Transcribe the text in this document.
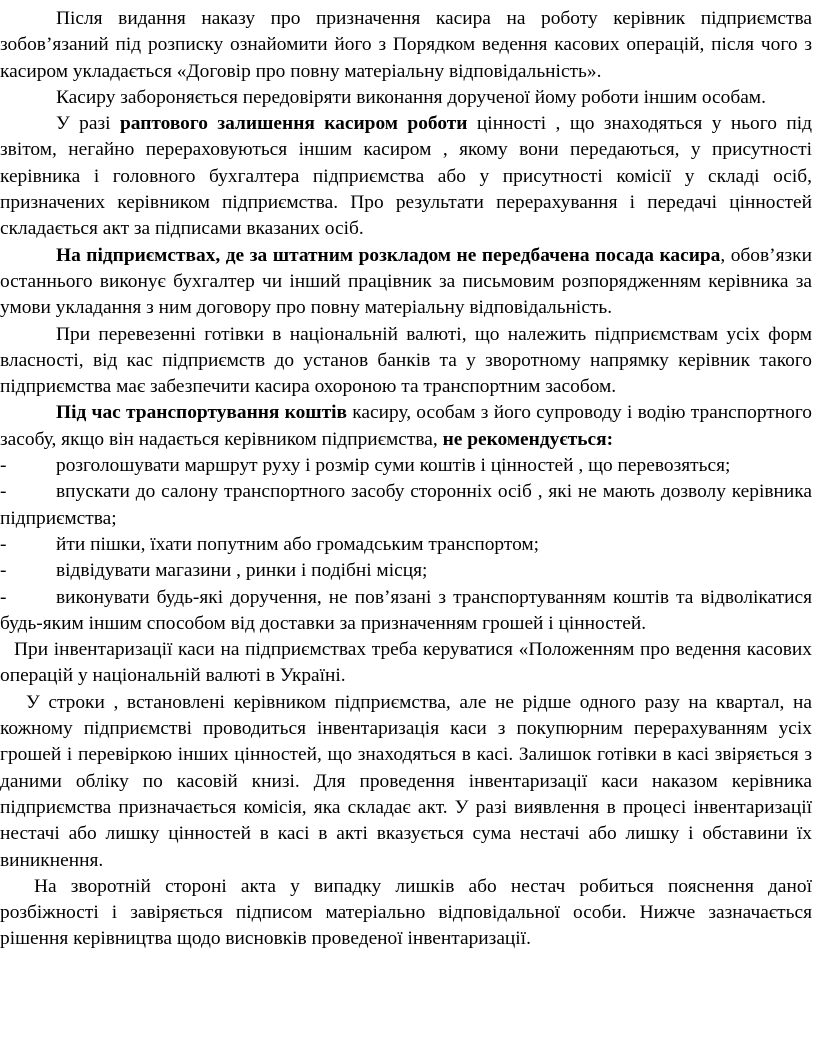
Після видання наказу про призначення касира на роботу керівник підприємства зобов’язаний під розписку ознайомити його з Порядком ведення касових операцій, після чого з касиром укладається «Договір про повну матеріальну відповідальність».

Касиру забороняється передовіряти виконання дорученої йому роботи іншим особам.

У разі раптового залишення касиром роботи цінності , що знаходяться у нього під звітом, негайно перераховуються іншим касиром , якому вони передаються, у присутності керівника і головного бухгалтера підприємства або у присутності комісії у складі осіб, призначених керівником підприємства. Про результати перерахування і передачі цінностей складається акт за підписами вказаних осіб.

На підприємствах, де за штатним розкладом не передбачена посада касира, обов’язки останнього виконує бухгалтер чи інший працівник за письмовим розпорядженням керівника за умови укладання з ним договору про повну матеріальну відповідальність.

При перевезенні готівки в національній валюті, що належить підприємствам усіх форм власності, від кас підприємств до установ банків та у зворотному напрямку керівник такого підприємства має забезпечити касира охороною та транспортним засобом.

Під час транспортування коштів касиру, особам з його супроводу і водію транспортного засобу, якщо він надається керівником підприємства, не рекомендується:

-	розголошувати маршрут руху і розмір суми коштів і цінностей , що перевозяться;

-	впускати до салону транспортного засобу сторонніх осіб , які не мають дозволу керівника підприємства;

-	йти пішки, їхати попутним або громадським транспортом;

-	відвідувати магазини , ринки і подібні місця;

-	виконувати будь-які доручення, не пов’язані з транспортуванням коштів та відволікатися будь-яким іншим способом від доставки за призначенням грошей і цінностей.

При інвентаризації каси на підприємствах треба керуватися «Положенням про ведення касових операцій у національній валюті в Україні.

У строки , встановлені керівником підприємства, але не рідше одного разу на квартал, на кожному підприємстві проводиться інвентаризація каси з покупюрним перерахуванням усіх грошей і перевіркою інших цінностей, що знаходяться в касі. Залишок готівки в касі звіряється з даними обліку по касовій книзі. Для проведення інвентаризації каси наказом керівника підприємства призначається комісія, яка складає акт. У разі виявлення в процесі інвентаризації нестачі або лишку цінностей в касі в акті вказується сума нестачі або лишку і обставини їх виникнення.

На зворотній стороні акта у випадку лишків або нестач робиться пояснення даної розбіжності і завіряється підписом матеріально відповідальної особи. Нижче зазначається рішення керівництва щодо висновків проведеної інвентаризації.
